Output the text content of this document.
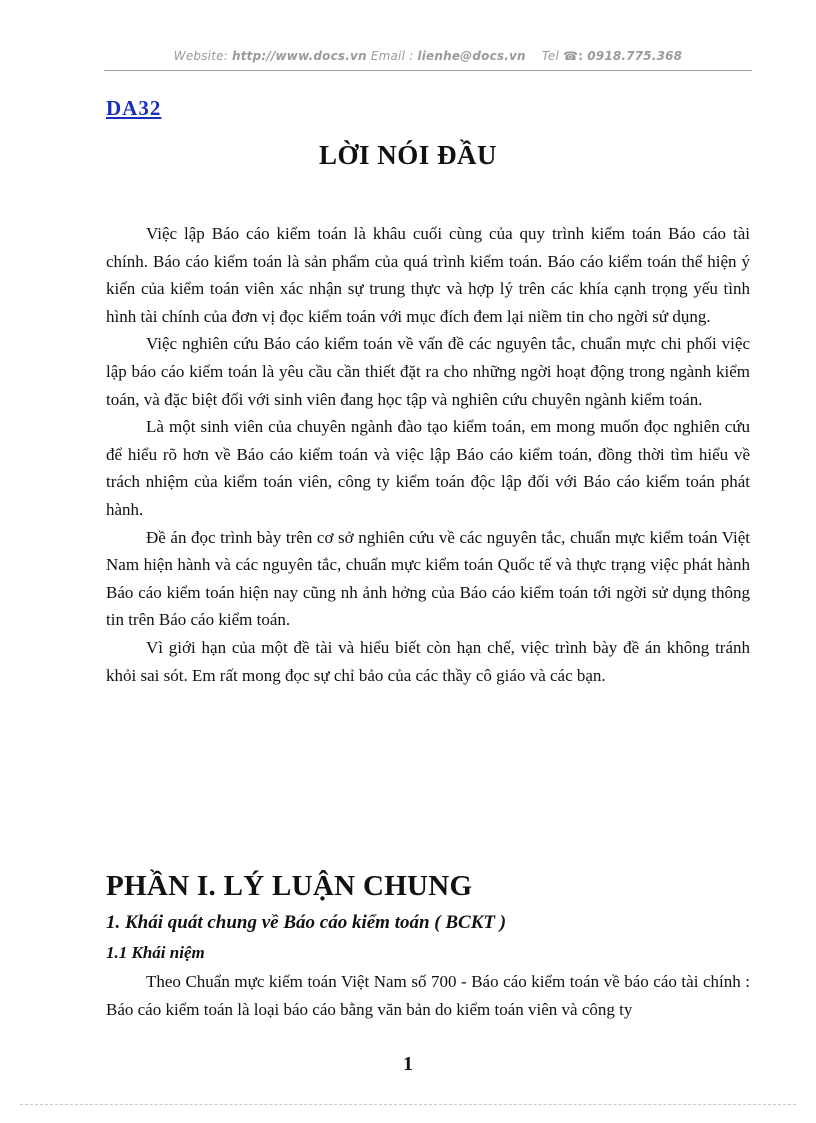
Website: http://www.docs.vn Email : lienhe@docs.vn Tel ☎: 0918.775.368
DA32
LỜI NÓI ĐẦU

Việc lập Báo cáo kiểm toán là khâu cuối cùng của quy trình kiểm toán Báo cáo tài chính. Báo cáo kiểm toán là sản phẩm của quá trình kiểm toán. Báo cáo kiểm toán thể hiện ý kiến của kiểm toán viên xác nhận sự trung thực và hợp lý trên các khía cạnh trọng yếu tình hình tài chính của đơn vị đọc kiểm toán với mục đích đem lại niềm tin cho ngời sử dụng.

Việc nghiên cứu Báo cáo kiểm toán về vấn đề các nguyên tắc, chuẩn mực chi phối việc lập báo cáo kiểm toán là yêu cầu cần thiết đặt ra cho những ngời hoạt động trong ngành kiểm toán, và đặc biệt đối với sinh viên đang học tập và nghiên cứu chuyên ngành kiểm toán.

Là một sinh viên của chuyên ngành đào tạo kiểm toán, em mong muốn đọc nghiên cứu để hiểu rõ hơn về Báo cáo kiểm toán và việc lập Báo cáo kiểm toán, đồng thời tìm hiểu về trách nhiệm của kiểm toán viên, công ty kiểm toán độc lập đối với Báo cáo kiểm toán phát hành.

Đề án đọc trình bày trên cơ sở nghiên cứu về các nguyên tắc, chuẩn mực kiểm toán Việt Nam hiện hành và các nguyên tắc, chuẩn mực kiểm toán Quốc tế và thực trạng việc phát hành Báo cáo kiểm toán hiện nay cũng nh ảnh hởng của Báo cáo kiểm toán tới ngời sử dụng thông tin trên Báo cáo kiểm toán.

Vì giới hạn của một đề tài và hiểu biết còn hạn chế, việc trình bày đề án không tránh khỏi sai sót. Em rất mong đọc sự chỉ bảo của các thầy cô giáo và các bạn.

PHẦN I. LÝ LUẬN CHUNG
1. Khái quát chung về Báo cáo kiểm toán ( BCKT )
1.1 Khái niệm

Theo Chuẩn mực kiểm toán Việt Nam số 700 - Báo cáo kiểm toán về báo cáo tài chính : Báo cáo kiểm toán là loại báo cáo bằng văn bản do kiểm toán viên và công ty

1
